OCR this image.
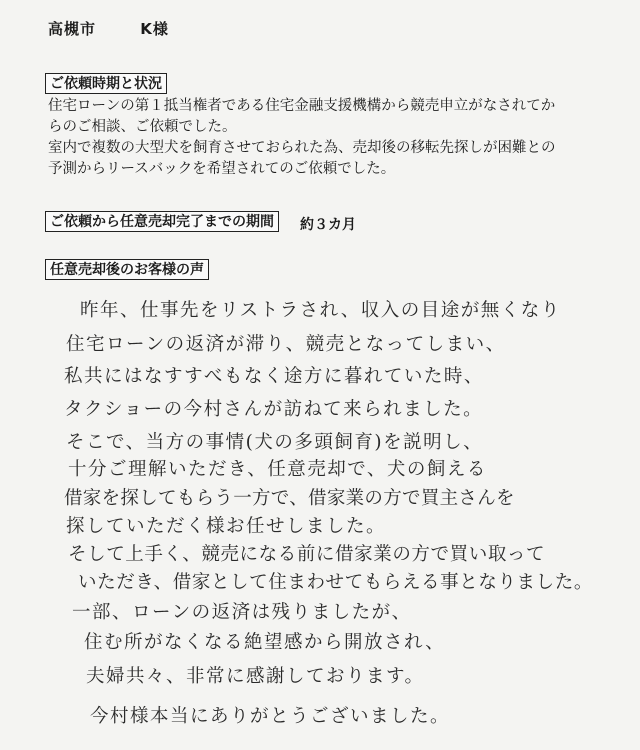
高槻市	K様
ご依頼時期と状況
住宅ローンの第１抵当権者である住宅金融支援機構から競売申立がなされてか
らのご相談、ご依頼でした。
室内で複数の大型犬を飼育させておられた為、売却後の移転先探しが困難との
予測からリースバックを希望されてのご依頼でした。
ご依頼から任意売却完了までの期間	約３カ月
任意売却後のお客様の声
昨年、仕事先をリストラされ、収入の目途が無くなり
住宅ローンの返済が滞り、競売となってしまい、
私共にはなすすべもなく途方に暮れていた時、
タクショーの今村さんが訪ねて来られました。
そこで、当方の事情(犬の多頭飼育)を説明し、
十分ご理解いただき、任意売却で、犬の飼える
借家を探してもらう一方で、借家業の方で買主さんを
探していただく様お任せしました。
そして上手く、競売になる前に借家業の方で買い取って
いただき、借家として住まわせてもらえる事となりました。
一部、ローンの返済は残りましたが、
住む所がなくなる絶望感から開放され、
夫婦共々、非常に感謝しております。
今村様本当にありがとうございました。
